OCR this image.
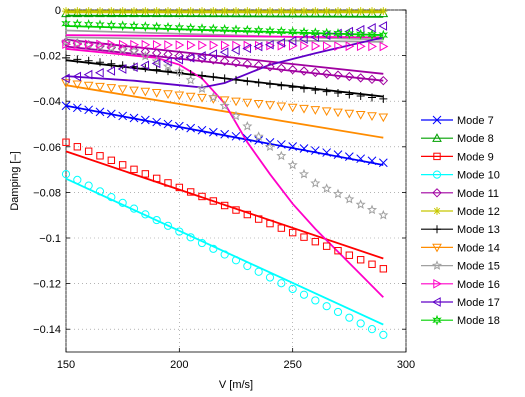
150	200	250	300
0
−0.02
−0.04
−0.06
−0.08
−0.1
−0.12
−0.14
V [m/s]
Damping [–]
Mode 7
Mode 8
Mode 9
Mode 10
Mode 11
Mode 12
Mode 13
Mode 14
Mode 15
Mode 16
Mode 17
Mode 18
